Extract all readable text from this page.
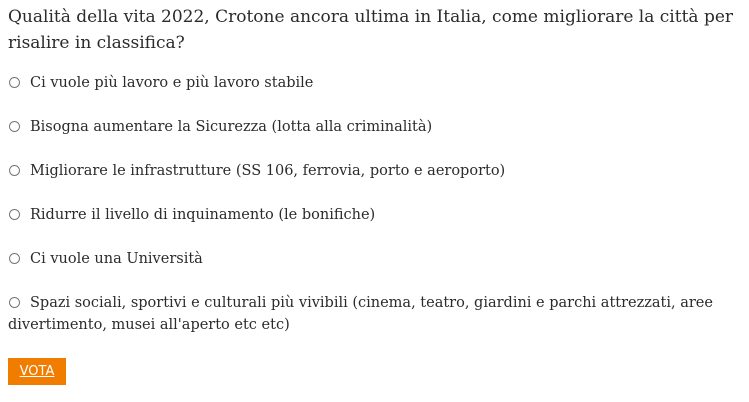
Qualità della vita 2022, Crotone ancora ultima in Italia, come migliorare la città per risalire in classifica?
Ci vuole più lavoro e più lavoro stabile
Bisogna aumentare la Sicurezza (lotta alla criminalità)
Migliorare le infrastrutture (SS 106, ferrovia, porto e aeroporto)
Ridurre il livello di inquinamento (le bonifiche)
Ci vuole una Università
Spazi sociali, sportivi e culturali più vivibili (cinema, teatro, giardini e parchi attrezzati, aree divertimento, musei all'aperto etc etc)
VOTA
